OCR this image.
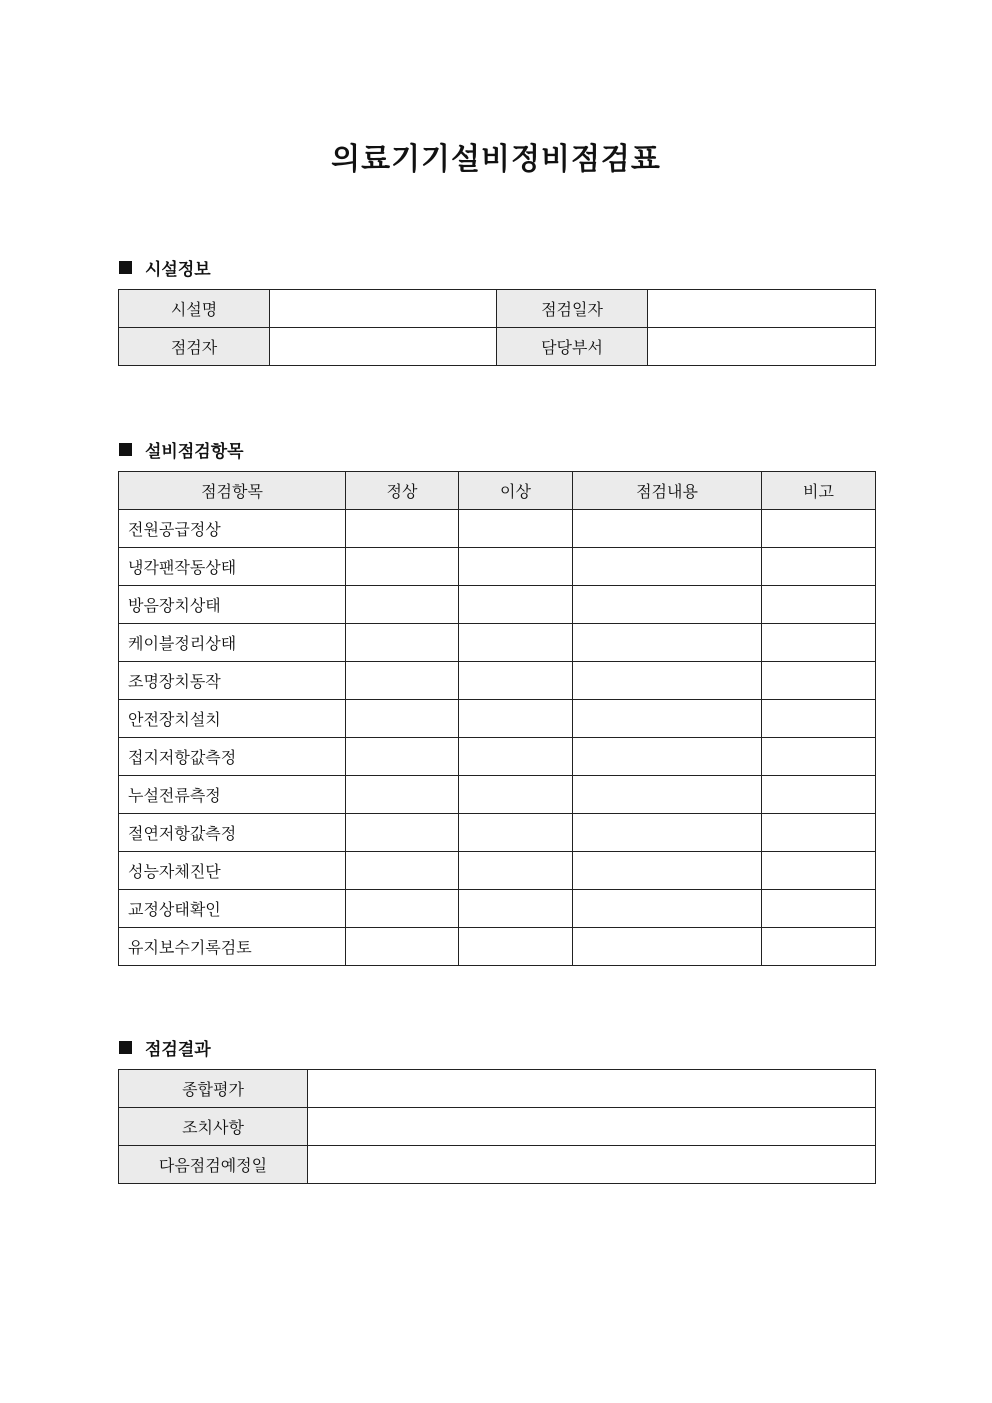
의료기기설비정비점검표
시설정보
시설명		점검일자	
점검자		담당부서	
설비점검항목
점검항목	정상	이상	점검내용	비고
전원공급정상				
냉각팬작동상태				
방음장치상태				
케이블정리상태				
조명장치동작				
안전장치설치				
접지저항값측정				
누설전류측정				
절연저항값측정				
성능자체진단				
교정상태확인				
유지보수기록검토				
점검결과
종합평가	
조치사항	
다음점검예정일	
